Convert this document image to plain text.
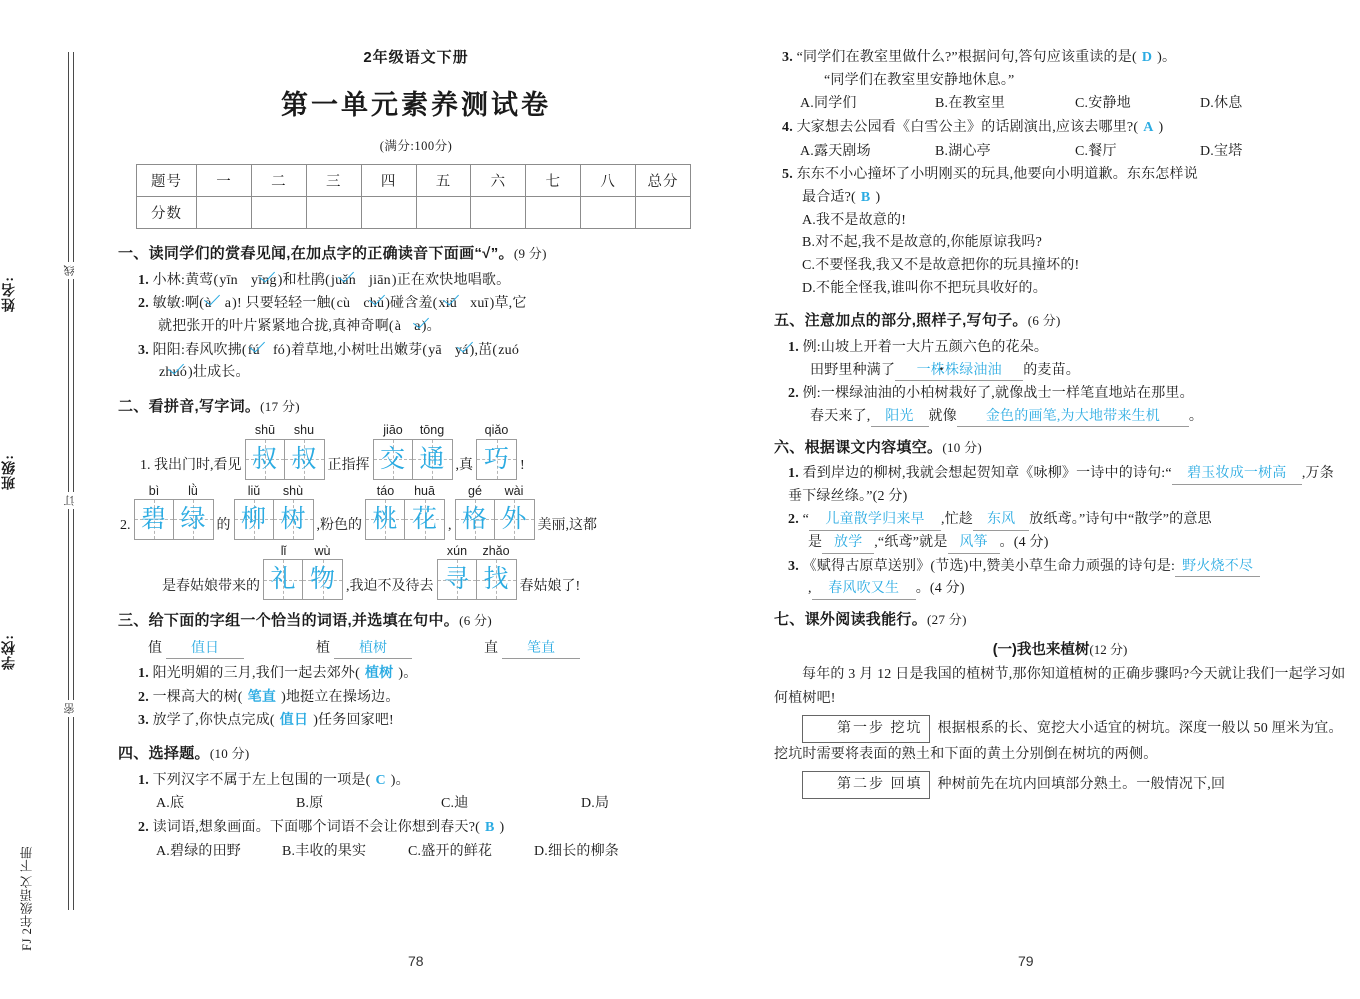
线
订
密
姓名:
班级:
学校:
FJ 2年级语文 下册
2年级语文下册
第一单元素养测试卷
(满分:100分)
题号	一	二	三	四	五	六	七	八	总分
分数									
一、读同学们的赏春见闻,在加点字的正确读音下面画“√”。(9 分)
1. 小林:黄莺(yīn yīng)和杜鹃(juǎn jiān)正在欢快地唱歌。
2. 敏敏:啊(à a)! 只要轻轻一触(cù chù)碰含羞(xiū xuī)草,它
就把张开的叶片紧紧地合拢,真神奇啊(à a)。
3. 阳阳:春风吹拂(fú fó)着草地,小树吐出嫩芽(yā yá),茁(zuó
zhuó)壮成长。
二、看拼音,写字词。(17 分)
1. 我出门时,看见
shū	shu
叔 叔 正指挥
jiāo	tōng
交 通 ,真
qiǎo
巧 !
2.
bì	lǜ
碧 绿 的
liǔ	shù
柳 树 ,粉色的
táo	huā
桃 花 ,
gé	wài
格 外 美丽,这都
是春姑娘带来的
lǐ	wù
礼 物 ,我迫不及待去
xún	zhǎo
寻 找 春姑娘了!
三、给下面的字组一个恰当的词语,并选填在句中。(6 分)
值	值日	植	植树	直	笔直
1. 阳光明媚的三月,我们一起去郊外( 植树 )。
2. 一棵高大的树( 笔直 )地挺立在操场边。
3. 放学了,你快点完成( 值日 )任务回家吧!
四、选择题。(10 分)
1. 下列汉字不属于左上包围的一项是( C )。
A.底	B.原	C.迪	D.局
2. 读词语,想象画面。下面哪个词语不会让你想到春天?( B )
A.碧绿的田野	B.丰收的果实	C.盛开的鲜花	D.细长的柳条
78
3. “同学们在教室里做什么?”根据问句,答句应该重读的是( D )。
“同学们在教室里安静地休息。”
A.同学们	B.在教室里	C.安静地	D.休息
4. 大家想去公园看《白雪公主》的话剧演出,应该去哪里?( A )
A.露天剧场	B.湖心亭	C.餐厅	D.宝塔
5. 东东不小心撞坏了小明刚买的玩具,他要向小明道歉。东东怎样说
最合适?( B )
A.我不是故意的!
B.对不起,我不是故意的,你能原谅我吗?
C.不要怪我,我又不是故意把你的玩具撞坏的!
D.不能全怪我,谁叫你不把玩具收好的。
五、注意加点的部分,照样子,写句子。(6 分)
1. 例:山坡上开着一大片五颜六色 .的花朵。
田野里种满了 一株株绿油油 的麦苗。
2. 例:一棵绿油油的小柏树栽好了,就像战士一样笔直地站在那里。
春天来了, 阳光 就像 金色的画笔,为大地带来生机 。
六、根据课文内容填空。(10 分)
1. 看到岸边的柳树,我就会想起贺知章《咏柳》一诗中的诗句:“ 碧玉妆成一树高 ,万条垂下绿丝绦。”(2 分)
2. “ 儿童散学归来早 ,忙趁 东风 放纸鸢。”诗句中“散学”的意思
是 放学 ,“纸鸢”就是 风筝 。(4 分)
3. 《赋得古原草送别》(节选)中,赞美小草生命力顽强的诗句是: 野火烧不尽
, 春风吹又生 。(4 分)
七、课外阅读我能行。(27 分)
(一)我也来植树(12 分)
每年的 3 月 12 日是我国的植树节,那你知道植树的正确步骤吗?今天就让我们一起学习如何植树吧!
第一步 挖坑 根据根系的长、宽挖大小适宜的树坑。深度一般以 50 厘米为宜。挖坑时需要将表面的熟土和下面的黄土分别倒在树坑的两侧。
第二步 回填 种树前先在坑内回填部分熟土。一般情况下,回
79
